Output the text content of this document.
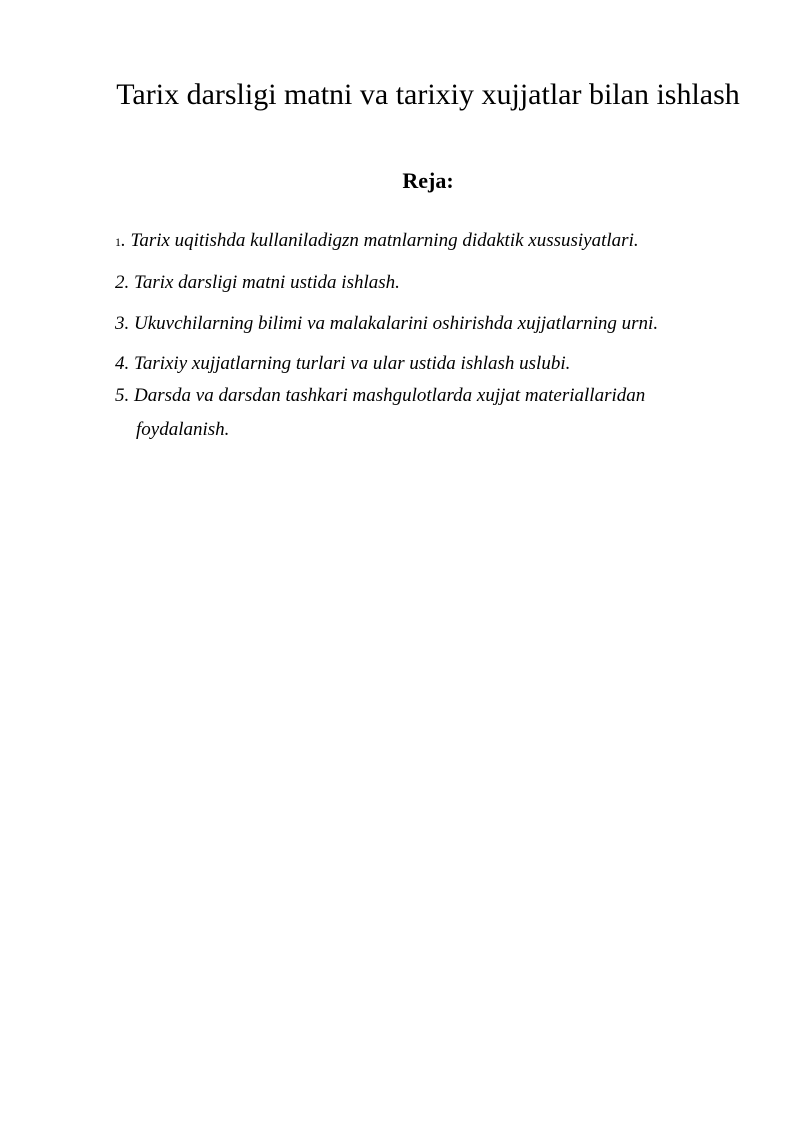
Tarix darsligi matni va tarixiy xujjatlar bilan ishlash
Reja:
1. Tarix uqitishda kullaniladigzn matnlarning didaktik xussusiyatlari.
2. Tarix darsligi matni ustida ishlash.
3. Ukuvchilarning bilimi va malakalarini oshirishda xujjatlarning urni.
4. Tarixiy xujjatlarning turlari va ular ustida ishlash uslubi.
5. Darsda va darsdan tashkari mashgulotlarda xujjat materiallaridan
foydalanish.
